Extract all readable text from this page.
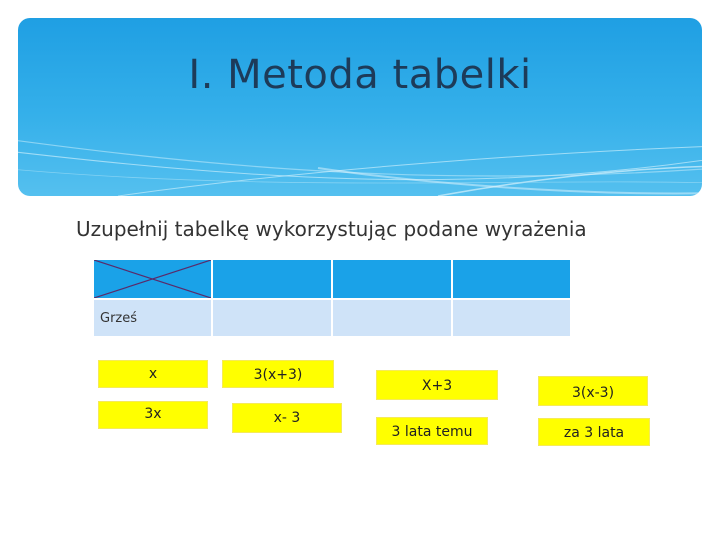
I. Metoda tabelki
Uzupełnij tabelkę wykorzystując podane wyrażenia

Grześ			
x
3x
3(x+3)
x- 3
X+3
3 lata temu
3(x-3)
za 3 lata
